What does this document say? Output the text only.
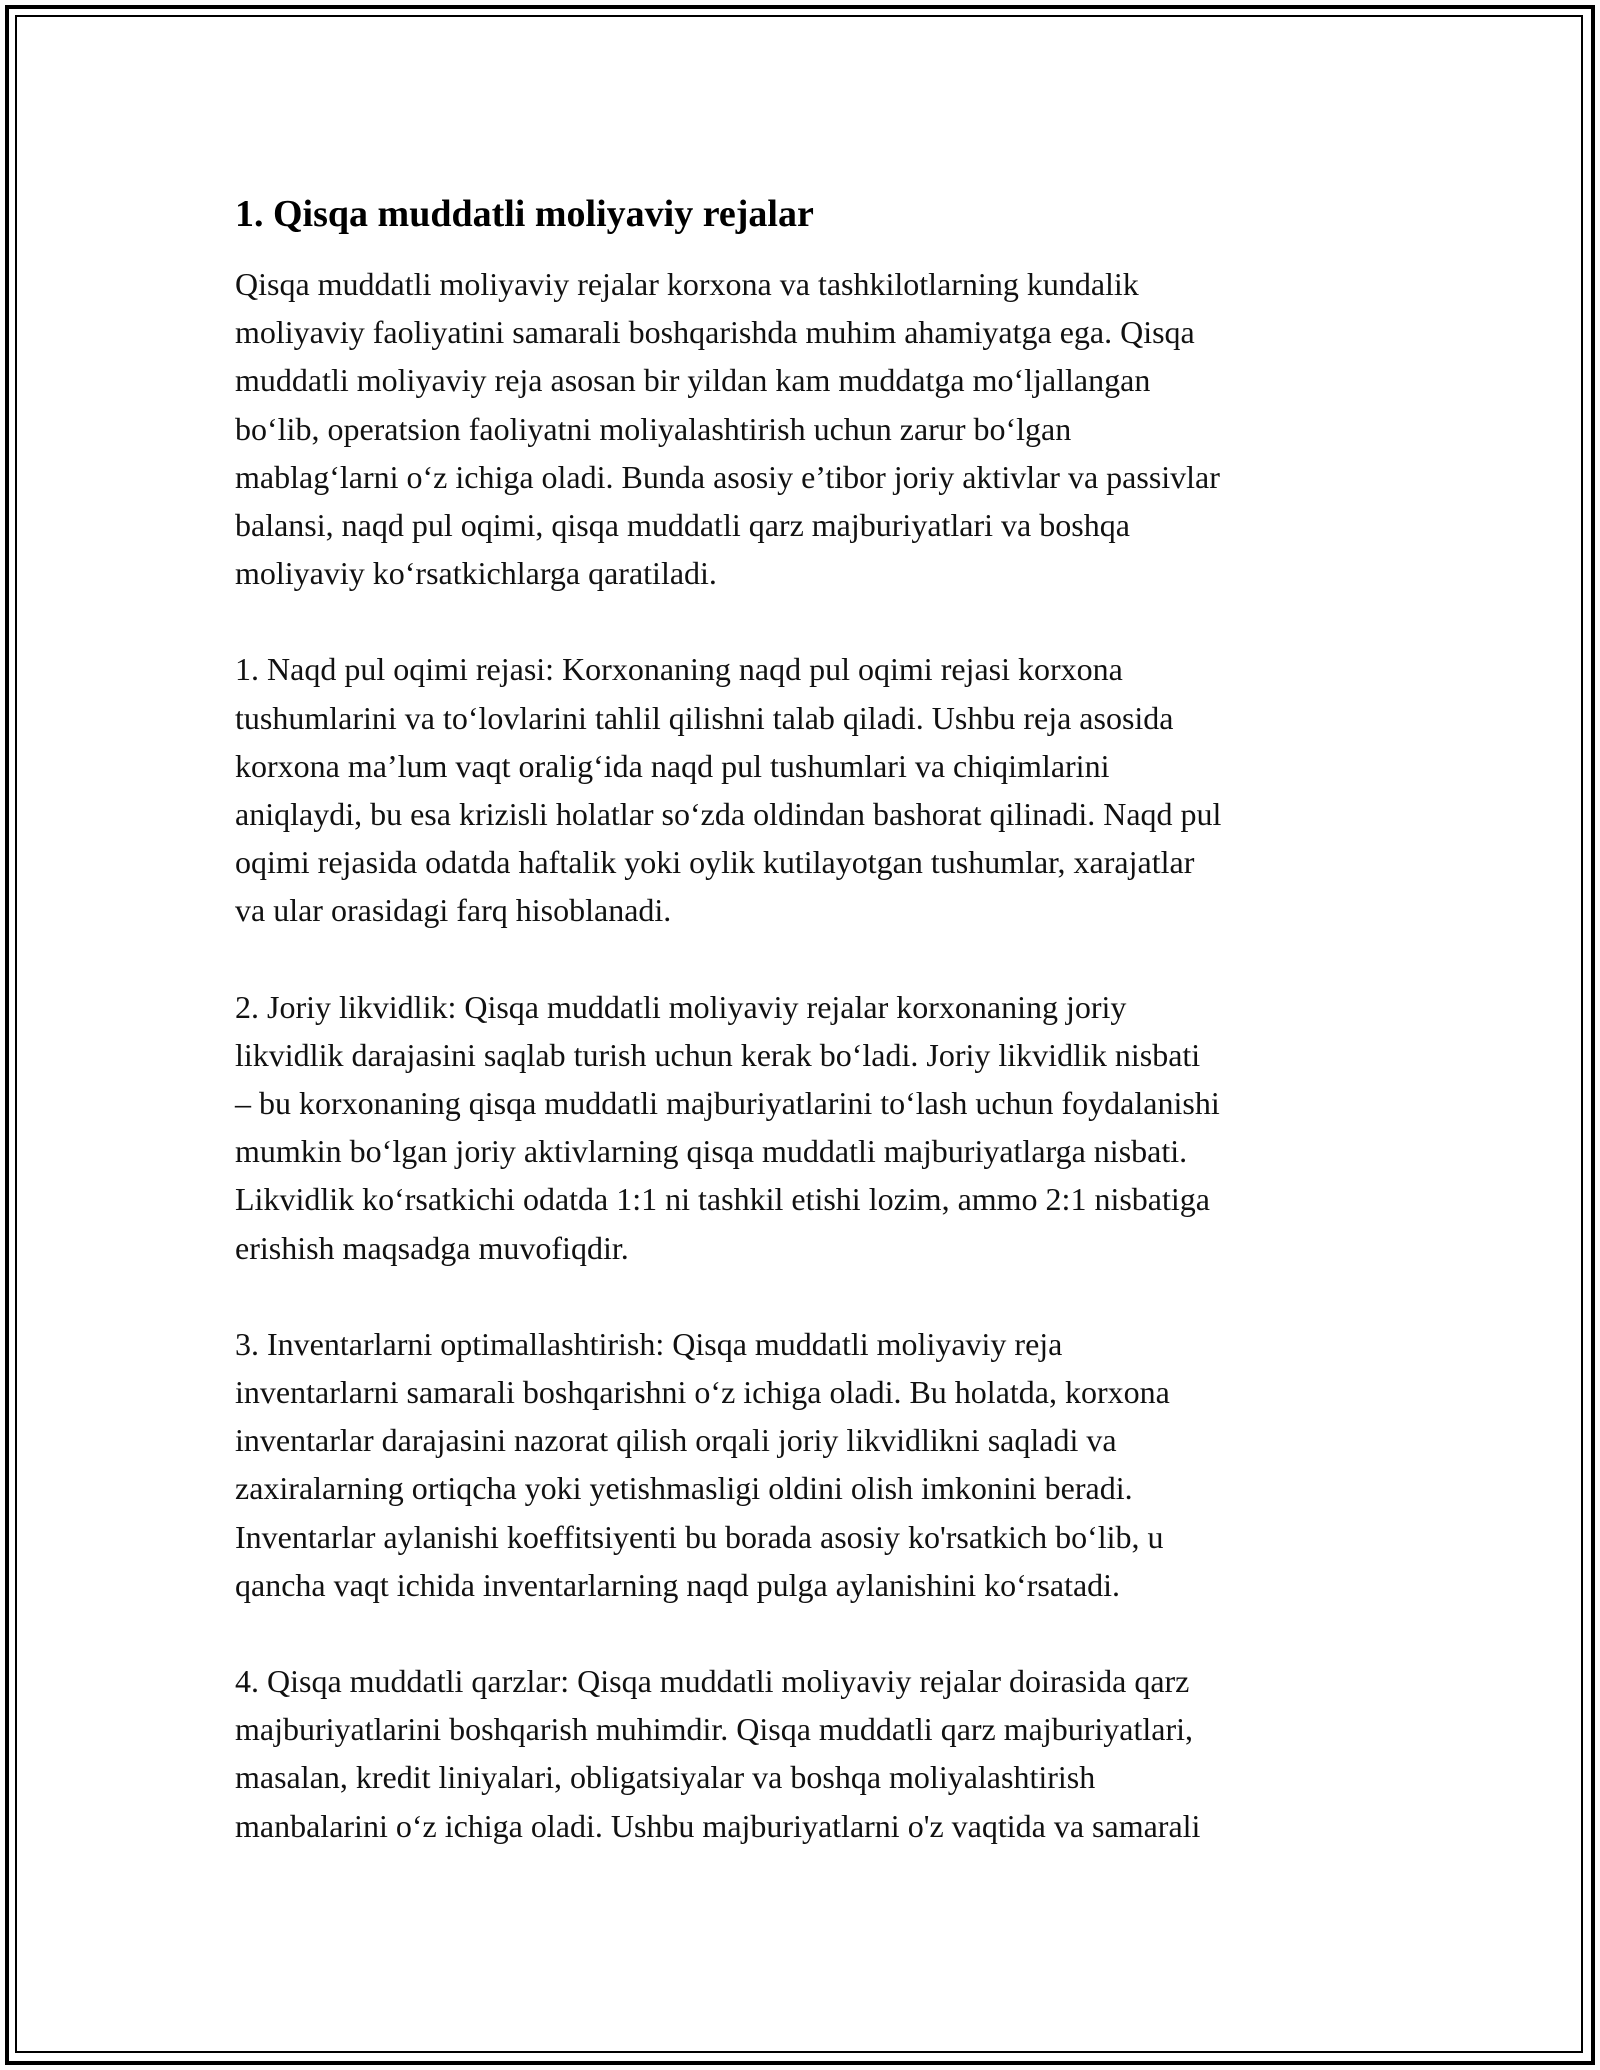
1. Qisqa muddatli moliyaviy rejalar

Qisqa muddatli moliyaviy rejalar korxona va tashkilotlarning kundalik
moliyaviy faoliyatini samarali boshqarishda muhim ahamiyatga ega. Qisqa
muddatli moliyaviy reja asosan bir yildan kam muddatga moʻljallangan
boʻlib, operatsion faoliyatni moliyalashtirish uchun zarur boʻlgan
mablagʻlarni oʻz ichiga oladi. Bunda asosiy e’tibor joriy aktivlar va passivlar
balansi, naqd pul oqimi, qisqa muddatli qarz majburiyatlari va boshqa
moliyaviy koʻrsatkichlarga qaratiladi.

1. Naqd pul oqimi rejasi: Korxonaning naqd pul oqimi rejasi korxona
tushumlarini va toʻlovlarini tahlil qilishni talab qiladi. Ushbu reja asosida
korxona ma’lum vaqt oraligʻida naqd pul tushumlari va chiqimlarini
aniqlaydi, bu esa krizisli holatlar soʻzda oldindan bashorat qilinadi. Naqd pul
oqimi rejasida odatda haftalik yoki oylik kutilayotgan tushumlar, xarajatlar
va ular orasidagi farq hisoblanadi.

2. Joriy likvidlik: Qisqa muddatli moliyaviy rejalar korxonaning joriy
likvidlik darajasini saqlab turish uchun kerak boʻladi. Joriy likvidlik nisbati
– bu korxonaning qisqa muddatli majburiyatlarini toʻlash uchun foydalanishi
mumkin boʻlgan joriy aktivlarning qisqa muddatli majburiyatlarga nisbati.
Likvidlik koʻrsatkichi odatda 1:1 ni tashkil etishi lozim, ammo 2:1 nisbatiga
erishish maqsadga muvofiqdir.

3. Inventarlarni optimallashtirish: Qisqa muddatli moliyaviy reja
inventarlarni samarali boshqarishni oʻz ichiga oladi. Bu holatda, korxona
inventarlar darajasini nazorat qilish orqali joriy likvidlikni saqladi va
zaxiralarning ortiqcha yoki yetishmasligi oldini olish imkonini beradi.
Inventarlar aylanishi koeffitsiyenti bu borada asosiy ko'rsatkich boʻlib, u
qancha vaqt ichida inventarlarning naqd pulga aylanishini koʻrsatadi.

4. Qisqa muddatli qarzlar: Qisqa muddatli moliyaviy rejalar doirasida qarz
majburiyatlarini boshqarish muhimdir. Qisqa muddatli qarz majburiyatlari,
masalan, kredit liniyalari, obligatsiyalar va boshqa moliyalashtirish
manbalarini oʻz ichiga oladi. Ushbu majburiyatlarni o'z vaqtida va samarali
